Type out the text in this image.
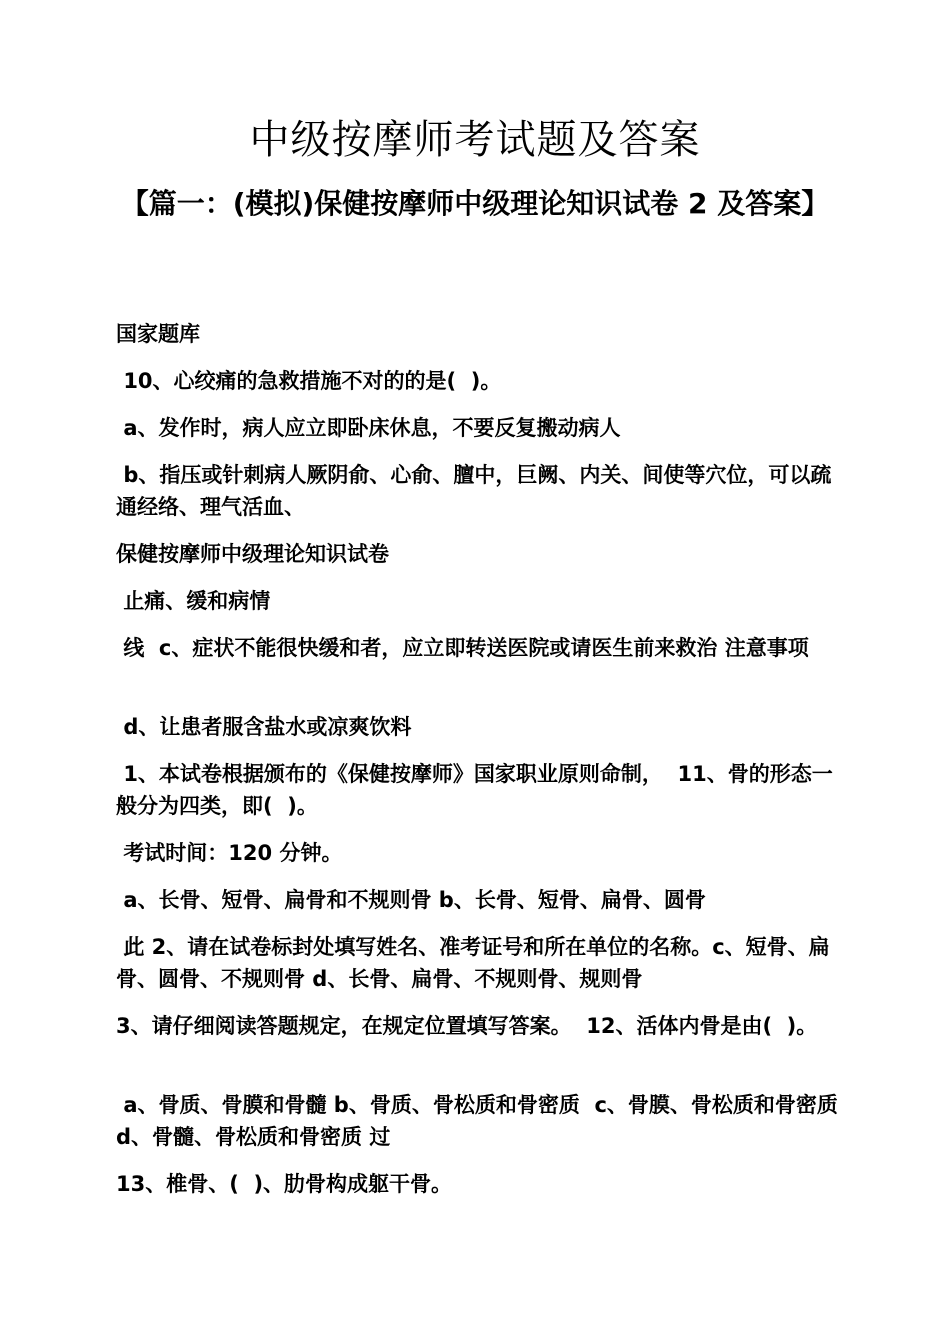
中级按摩师考试题及答案
【篇一：(模拟)保健按摩师中级理论知识试卷 2 及答案】

国家题库

10、心绞痛的急救措施不对的的是(  )。

a、发作时，病人应立即卧床休息，不要反复搬动病人

b、指压或针刺病人厥阴俞、心俞、膻中，巨阙、内关、间使等穴位，可以疏通经络、理气活血、

保健按摩师中级理论知识试卷

止痛、缓和病情

线  c、症状不能很快缓和者，应立即转送医院或请医生前来救治 注意事项

d、让患者服含盐水或凉爽饮料

1、本试卷根据颁布的《保健按摩师》国家职业原则命制，  11、骨的形态一般分为四类，即(  )。

考试时间：120 分钟。

a、长骨、短骨、扁骨和不规则骨 b、长骨、短骨、扁骨、圆骨

此 2、请在试卷标封处填写姓名、准考证号和所在单位的名称。c、短骨、扁骨、圆骨、不规则骨 d、长骨、扁骨、不规则骨、规则骨

3、请仔细阅读答题规定，在规定位置填写答案。  12、活体内骨是由(  )。

a、骨质、骨膜和骨髓 b、骨质、骨松质和骨密质  c、骨膜、骨松质和骨密质 d、骨髓、骨松质和骨密质 过

13、椎骨、(  )、肋骨构成躯干骨。
